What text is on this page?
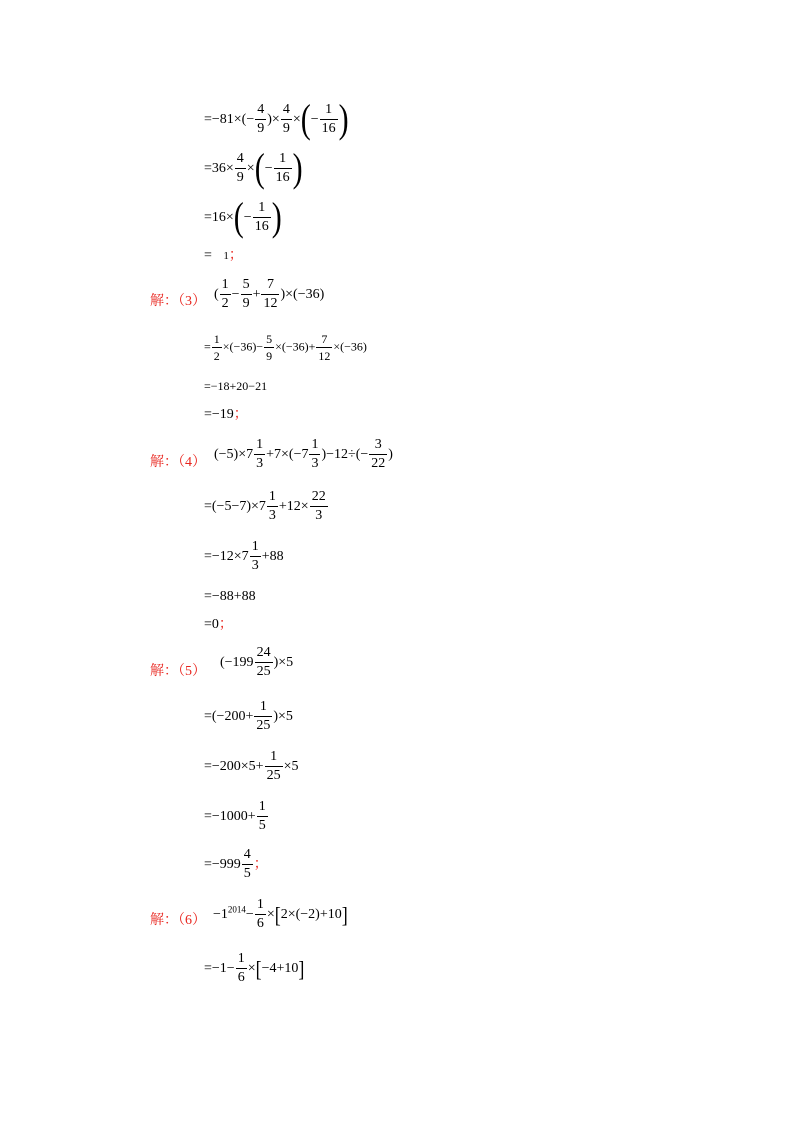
$=-81\times(- \frac{4}{9}$ )× $\frac{4}{9}$ ×(− $\frac{1}{16}$ )
$=36\times \frac{4}{9}$ ×(− $\frac{1}{16}$ )
$=16\times(- \frac{1}{16}$ )
= 1；
解：（3） ( $\frac{1}{2} - \frac{5}{9} + \frac{7}{12} )\times(-36)$
= $\frac{1}{2} \times(-36)- \frac{5}{9} \times(-36)+ \frac{7}{12} \times(-36)$
=−18+20−21
=−19；
解：（4）
$(-5)\times 7 \frac{1}{3} +7\times(-7 \frac{1}{3} )-12\div(- \frac{3}{22}$ )
$=(-5-7)\times 7 \frac{1}{3} +12\times \frac{22}{3}$
$=-12\times 7 \frac{1}{3} +88$
=−88+88
=0；
解：（5）
$(-199 \frac{24}{25} )\times 5$
$=(-200+ \frac{1}{25} )\times 5$
$=-200\times 5+ \frac{1}{25} \times 5$
$=-1000+ \frac{1}{5}$
$=-999 \frac{4}{5}$ ；
解：$(6) -1^{2014}- \frac{1}{6} \times[2\times(-2)+10]$
$=-1- \frac{1}{6} \times[-4+10]$
